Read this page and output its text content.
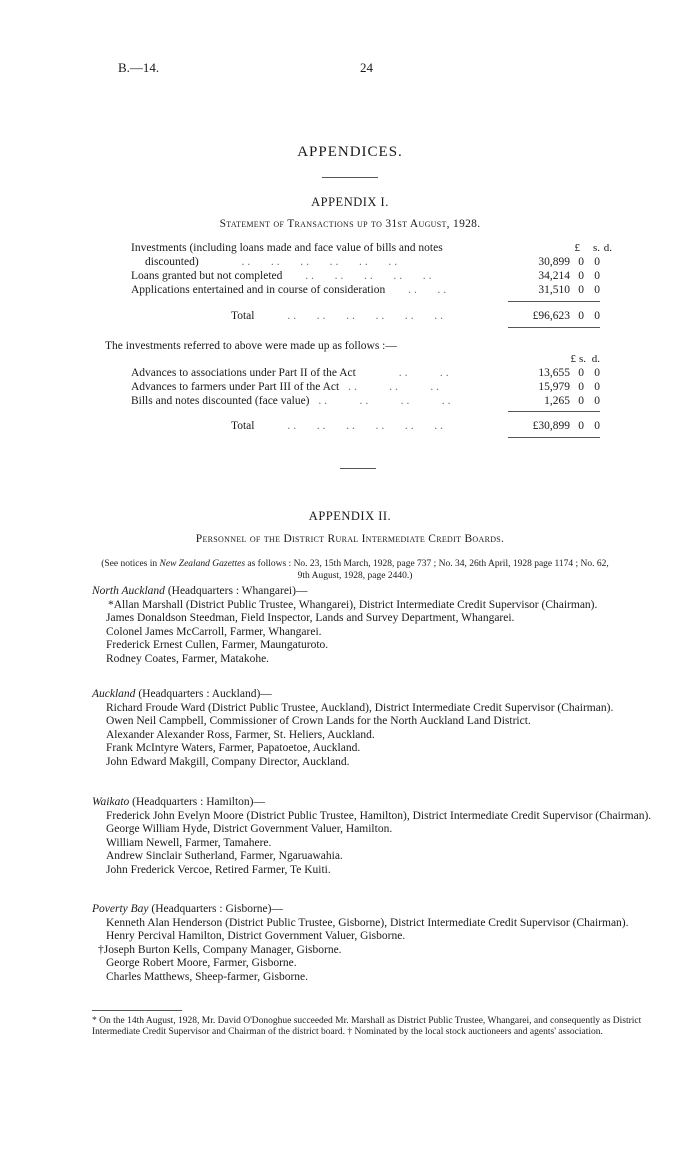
B.—14.	24
APPENDICES.
APPENDIX I.
Statement of Transactions up to 31st August, 1928.
£	s. d.
Investments (including loans made and face value of bills and notes
discounted)	..   ..   ..   ..   ..   ..	30,899 0 0
Loans granted but not completed ..   ..   ..   ..   ..	34,214 0 0
Applications entertained and in course of consideration ..   ..	31,510 0 0
Total	..   ..   ..   ..   ..   ..	£96,623 0 0
The investments referred to above were made up as follows :—
£ s. d.
Advances to associations under Part II of the Act	..     ..	13,655 0 0
Advances to farmers under Part III of the Act ..     ..     ..	15,979 0 0
Bills and notes discounted (face value) ..     ..     ..     ..	1,265 0 0
Total	..   ..   ..   ..   ..   ..	£30,899 0 0
APPENDIX II.
Personnel of the District Rural Intermediate Credit Boards.
(See notices in New Zealand Gazettes as follows : No. 23, 15th March, 1928, page 737 ; No. 34, 26th April, 1928 page 1174 ; No. 62, 9th August, 1928, page 2440.)
North Auckland (Headquarters : Whangarei)—
*Allan Marshall (District Public Trustee, Whangarei), District Intermediate Credit Supervisor (Chairman).
James Donaldson Steedman, Field Inspector, Lands and Survey Department, Whangarei.
Colonel James McCarroll, Farmer, Whangarei.
Frederick Ernest Cullen, Farmer, Maungaturoto.
Rodney Coates, Farmer, Matakohe.
Auckland (Headquarters : Auckland)—
Richard Froude Ward (District Public Trustee, Auckland), District Intermediate Credit Supervisor (Chairman).
Owen Neil Campbell, Commissioner of Crown Lands for the North Auckland Land District.
Alexander Alexander Ross, Farmer, St. Heliers, Auckland.
Frank McIntyre Waters, Farmer, Papatoetoe, Auckland.
John Edward Makgill, Company Director, Auckland.
Waikato (Headquarters : Hamilton)—
Frederick John Evelyn Moore (District Public Trustee, Hamilton), District Intermediate Credit Supervisor (Chairman).
George William Hyde, District Government Valuer, Hamilton.
William Newell, Farmer, Tamahere.
Andrew Sinclair Sutherland, Farmer, Ngaruawahia.
John Frederick Vercoe, Retired Farmer, Te Kuiti.
Poverty Bay (Headquarters : Gisborne)—
Kenneth Alan Henderson (District Public Trustee, Gisborne), District Intermediate Credit Supervisor (Chairman).
Henry Percival Hamilton, District Government Valuer, Gisborne.
†Joseph Burton Kells, Company Manager, Gisborne.
George Robert Moore, Farmer, Gisborne.
Charles Matthews, Sheep-farmer, Gisborne.
* On the 14th August, 1928, Mr. David O'Donoghue succeeded Mr. Marshall as District Public Trustee, Whangarei, and consequently as District Intermediate Credit Supervisor and Chairman of the district board. † Nominated by the local stock auctioneers and agents' association.
